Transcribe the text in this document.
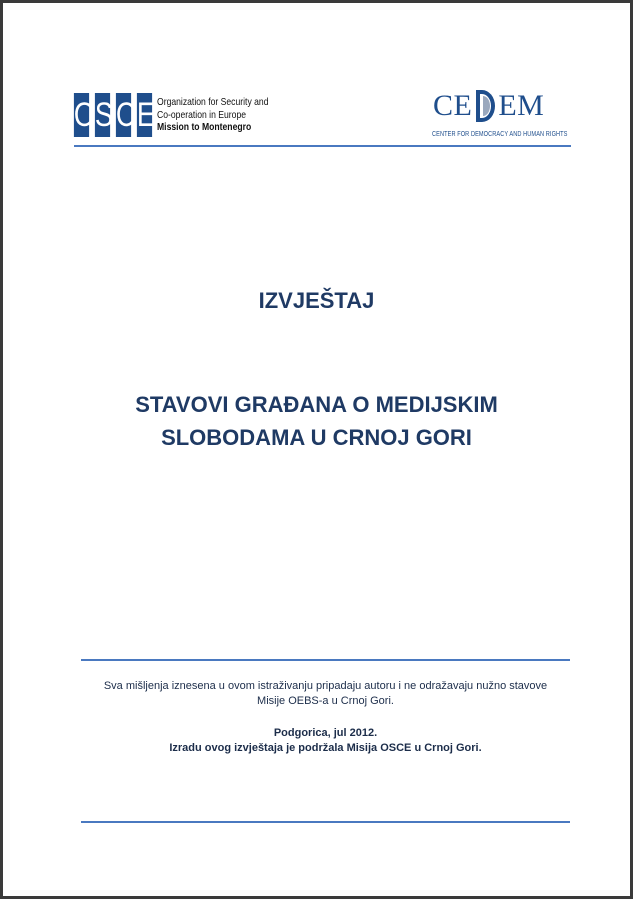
O S C E Organization for Security and
Co-operation in Europe
Mission to Montenegro
CE EM
CENTER FOR DEMOCRACY AND HUMAN RIGHTS
IZVJEŠTAJ
STAVOVI GRAĐANA O MEDIJSKIM
SLOBODAMA U CRNOJ GORI
Sva mišljenja iznesena u ovom istraživanju pripadaju autoru i ne odražavaju nužno stavove
Misije OEBS-a u Crnoj Gori.
Podgorica, jul 2012.
Izradu ovog izvještaja je podržala Misija OSCE u Crnoj Gori.
